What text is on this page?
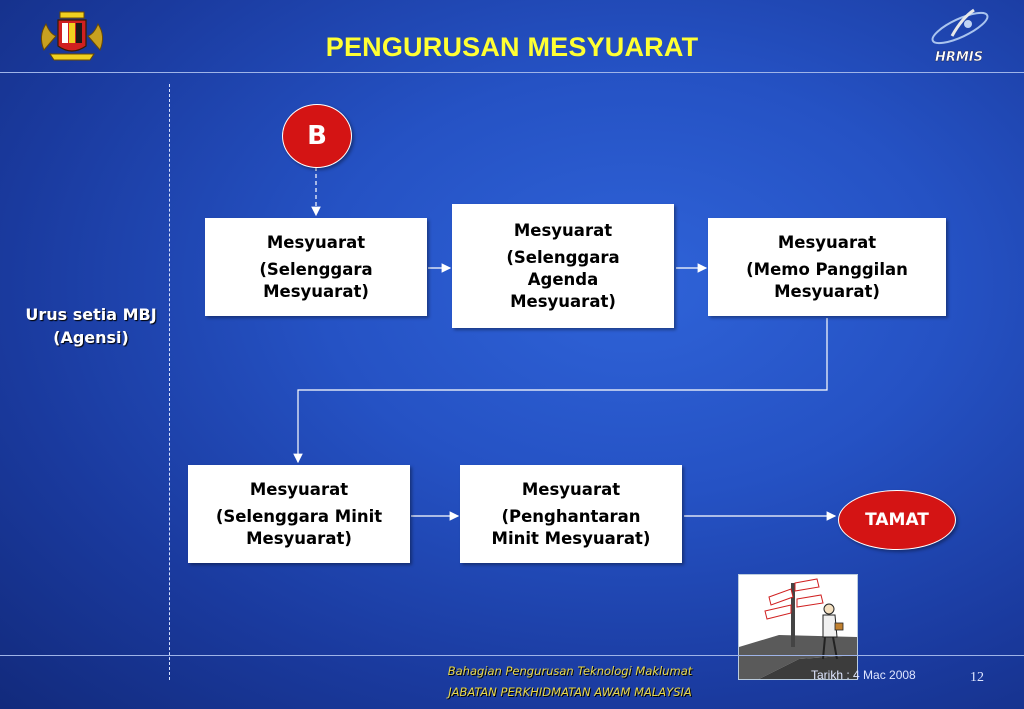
HRMIS
PENGURUSAN MESYUARAT
Urus setia MBJ
(Agensi)
B
Mesyuarat
(Selenggara
Mesyuarat)
Mesyuarat
(Selenggara
Agenda
Mesyuarat)
Mesyuarat
(Memo Panggilan
Mesyuarat)
Mesyuarat
(Selenggara Minit
Mesyuarat)
Mesyuarat
(Penghantaran
Minit Mesyuarat)
TAMAT
Bahagian Pengurusan Teknologi Maklumat
JABATAN PERKHIDMATAN AWAM MALAYSIA
Tarikh : 4 Mac 2008	12
